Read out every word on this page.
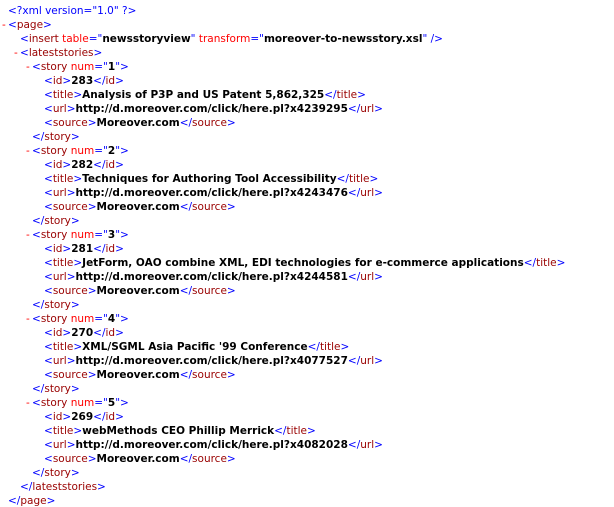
<?xml version="1.0" ?>
- <page>
<insert table="newsstoryview" transform="moreover-to-newsstory.xsl" />
- <lateststories>
- <story num="1">
<id>283</id>
<title>Analysis of P3P and US Patent 5,862,325</title>
<url>http://d.moreover.com/click/here.pl?x4239295</url>
<source>Moreover.com</source>
</story>
- <story num="2">
<id>282</id>
<title>Techniques for Authoring Tool Accessibility</title>
<url>http://d.moreover.com/click/here.pl?x4243476</url>
<source>Moreover.com</source>
</story>
- <story num="3">
<id>281</id>
<title>JetForm, OAO combine XML, EDI technologies for e-commerce applications</title>
<url>http://d.moreover.com/click/here.pl?x4244581</url>
<source>Moreover.com</source>
</story>
- <story num="4">
<id>270</id>
<title>XML/SGML Asia Pacific '99 Conference</title>
<url>http://d.moreover.com/click/here.pl?x4077527</url>
<source>Moreover.com</source>
</story>
- <story num="5">
<id>269</id>
<title>webMethods CEO Phillip Merrick</title>
<url>http://d.moreover.com/click/here.pl?x4082028</url>
<source>Moreover.com</source>
</story>
</lateststories>
</page>
